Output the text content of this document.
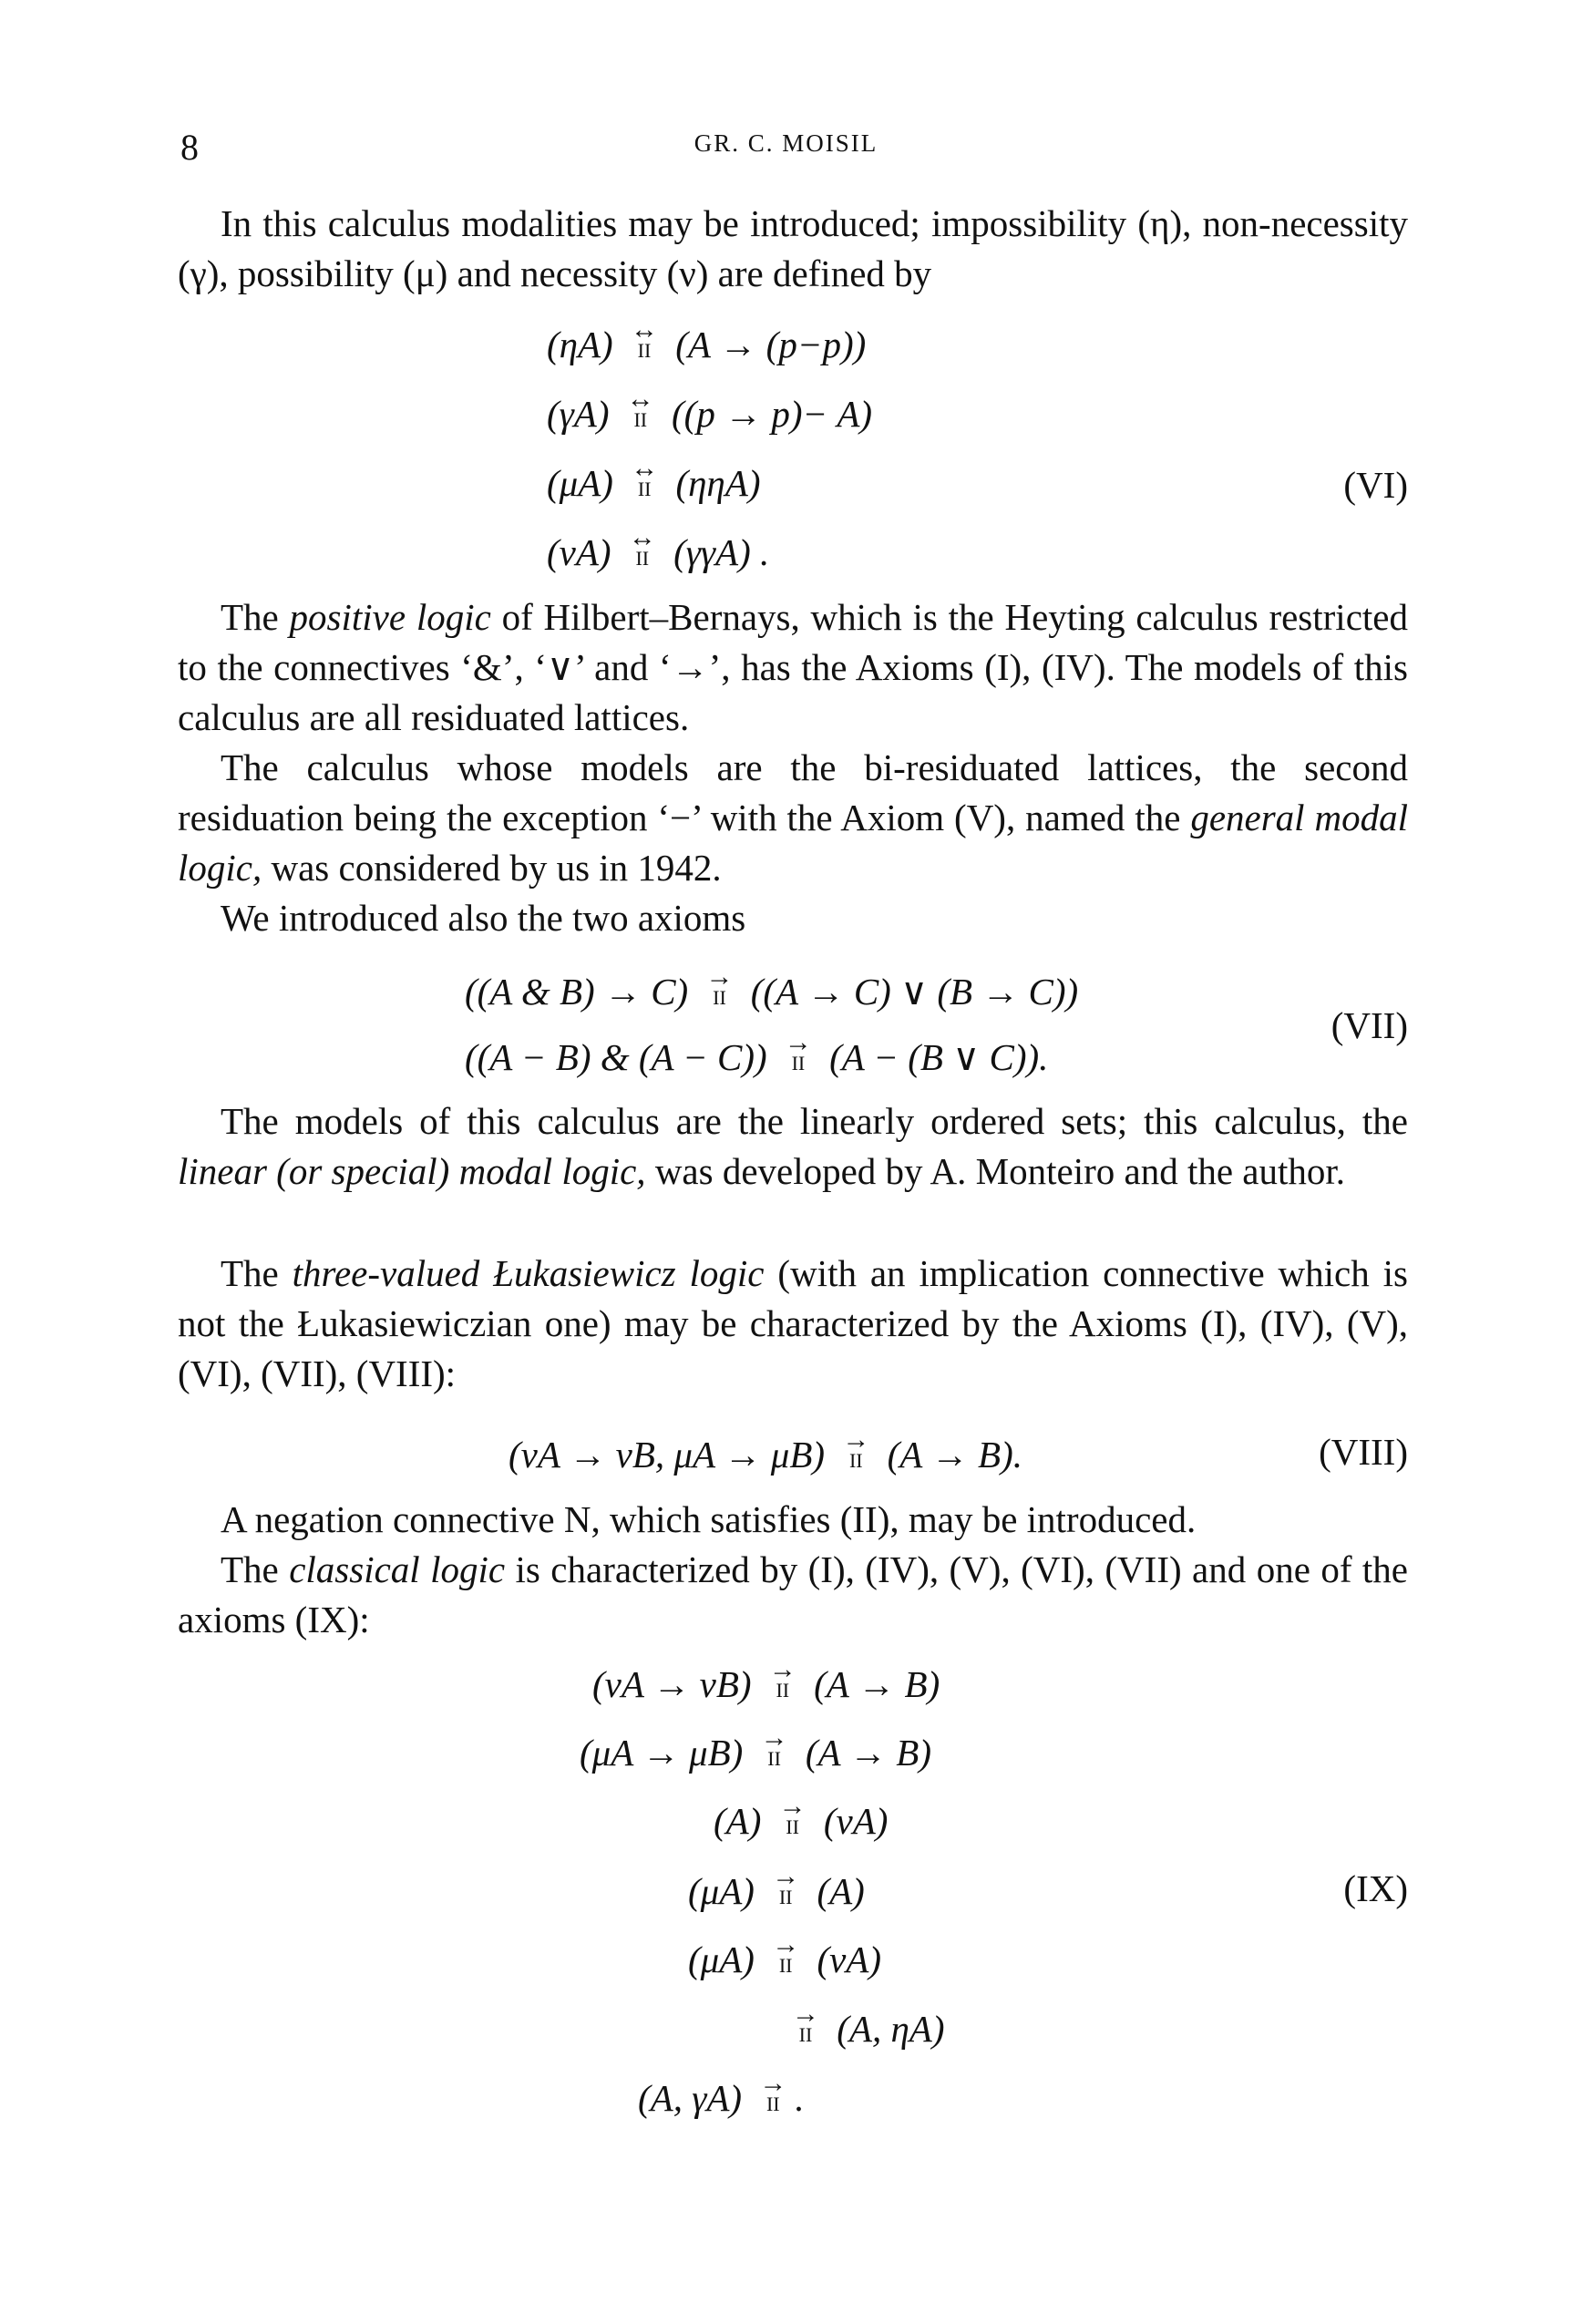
8	GR. C. MOISIL
In this calculus modalities may be introduced; impossibility (η), non-necessity (γ), possibility (μ) and necessity (ν) are defined by
(ηA) ↔
II (A → (p−p))
(γA) ↔
II ((p → p)− A)
(μA) ↔
II (ηηA)	(VI)
(νA) ↔
II (γγA) .
The positive logic of Hilbert–Bernays, which is the Heyting calculus restricted to the connectives ‘&’, ‘∨’ and ‘→’, has the Axioms (I), (IV). The models of this calculus are all residuated lattices.
The calculus whose models are the bi-residuated lattices, the second residuation being the exception ‘−’ with the Axiom (V), named the general modal logic, was considered by us in 1942.
We introduced also the two axioms
((A & B) → C) →
II ((A → C) ∨ (B → C))
((A − B) & (A − C)) →
II (A − (B ∨ C)).
(VII)
The models of this calculus are the linearly ordered sets; this calculus, the linear (or special) modal logic, was developed by A. Monteiro and the author.
The three-valued Łukasiewicz logic (with an implication connective which is not the Łukasiewiczian one) may be characterized by the Axioms (I), (IV), (V), (VI), (VII), (VIII):
(νA → νB, μA → μB) →
II (A → B).	(VIII)
A negation connective N, which satisfies (II), may be introduced.
The classical logic is characterized by (I), (IV), (V), (VI), (VII) and one of the axioms (IX):
(νA → νB) →
II (A → B)
(μA → μB) →
II (A → B)
(A) →
II (νA)
(μA) →
II (A)	(IX)
(μA) →
II (νA)
→
II (A, ηA)
(A, γA) →
II .
